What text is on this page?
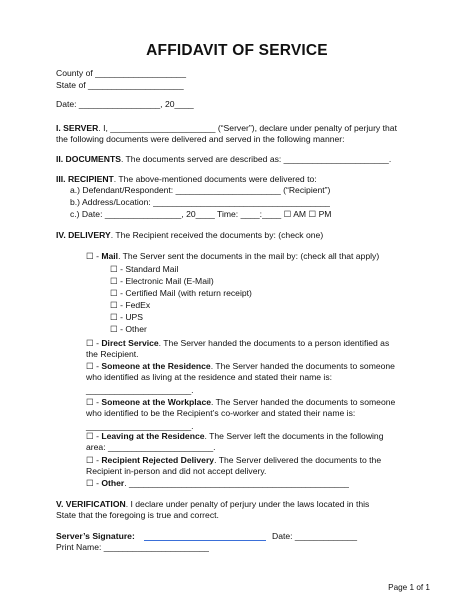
AFFIDAVIT OF SERVICE
County of ___________________
State of ____________________
Date: _________________, 20____
I. SERVER. I, ______________________ (“Server”), declare under penalty of perjury that
the following documents were delivered and served in the following manner:
II. DOCUMENTS. The documents served are described as: ______________________.
III. RECIPIENT. The above-mentioned documents were delivered to:
a.) Defendant/Respondent: ______________________ (“Recipient”)
b.) Address/Location: _____________________________________
c.) Date: ________________, 20____ Time: ____:____ ☐ AM ☐ PM
IV. DELIVERY. The Recipient received the documents by: (check one)
☐ - Mail. The Server sent the documents in the mail by: (check all that apply)
☐ - Standard Mail
☐ - Electronic Mail (E-Mail)
☐ - Certified Mail (with return receipt)
☐ - FedEx
☐ - UPS
☐ - Other
☐ - Direct Service. The Server handed the documents to a person identified as
the Recipient.
☐ - Someone at the Residence. The Server handed the documents to someone
who identified as living at the residence and stated their name is:
______________________.
☐ - Someone at the Workplace. The Server handed the documents to someone
who identified to be the Recipient’s co-worker and stated their name is:
______________________.
☐ - Leaving at the Residence. The Server left the documents in the following
area: ______________________.
☐ - Recipient Rejected Delivery. The Server delivered the documents to the
Recipient in-person and did not accept delivery.
☐ - Other. ______________________________________________
V. VERIFICATION. I declare under penalty of perjury under the laws located in this
State that the foregoing is true and correct.
Server’s Signature:	Date: _____________
Print Name: ______________________
Page 1 of 1
